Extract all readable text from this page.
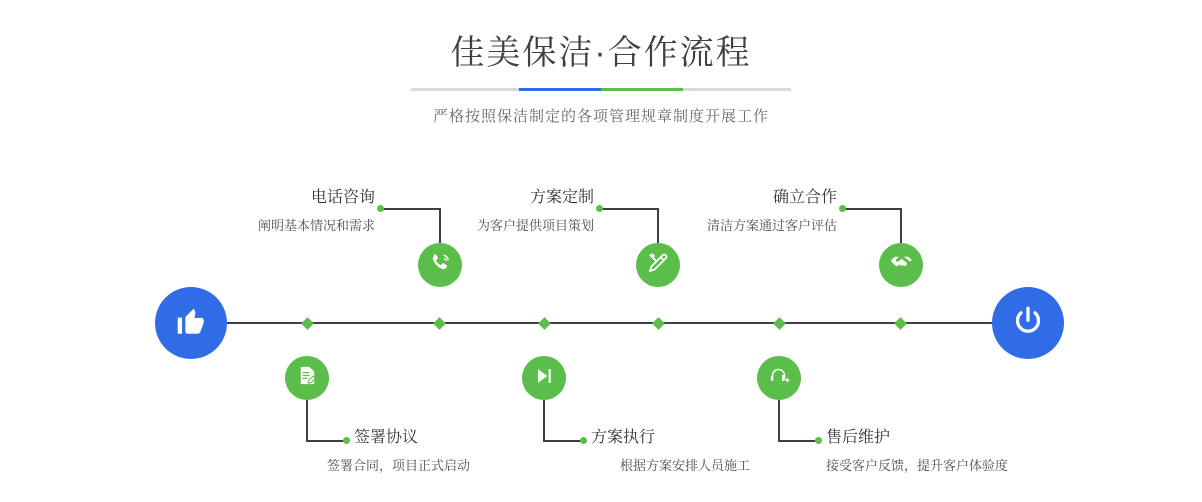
佳美保洁·合作流程

严格按照保洁制定的各项管理规章制度开展工作

电话咨询
阐明基本情况和需求
签署协议
签署合同，项目正式启动
方案定制
为客户提供项目策划
方案执行
根据方案安排人员施工
确立合作
清洁方案通过客户评估
售后维护
接受客户反馈，提升客户体验度
